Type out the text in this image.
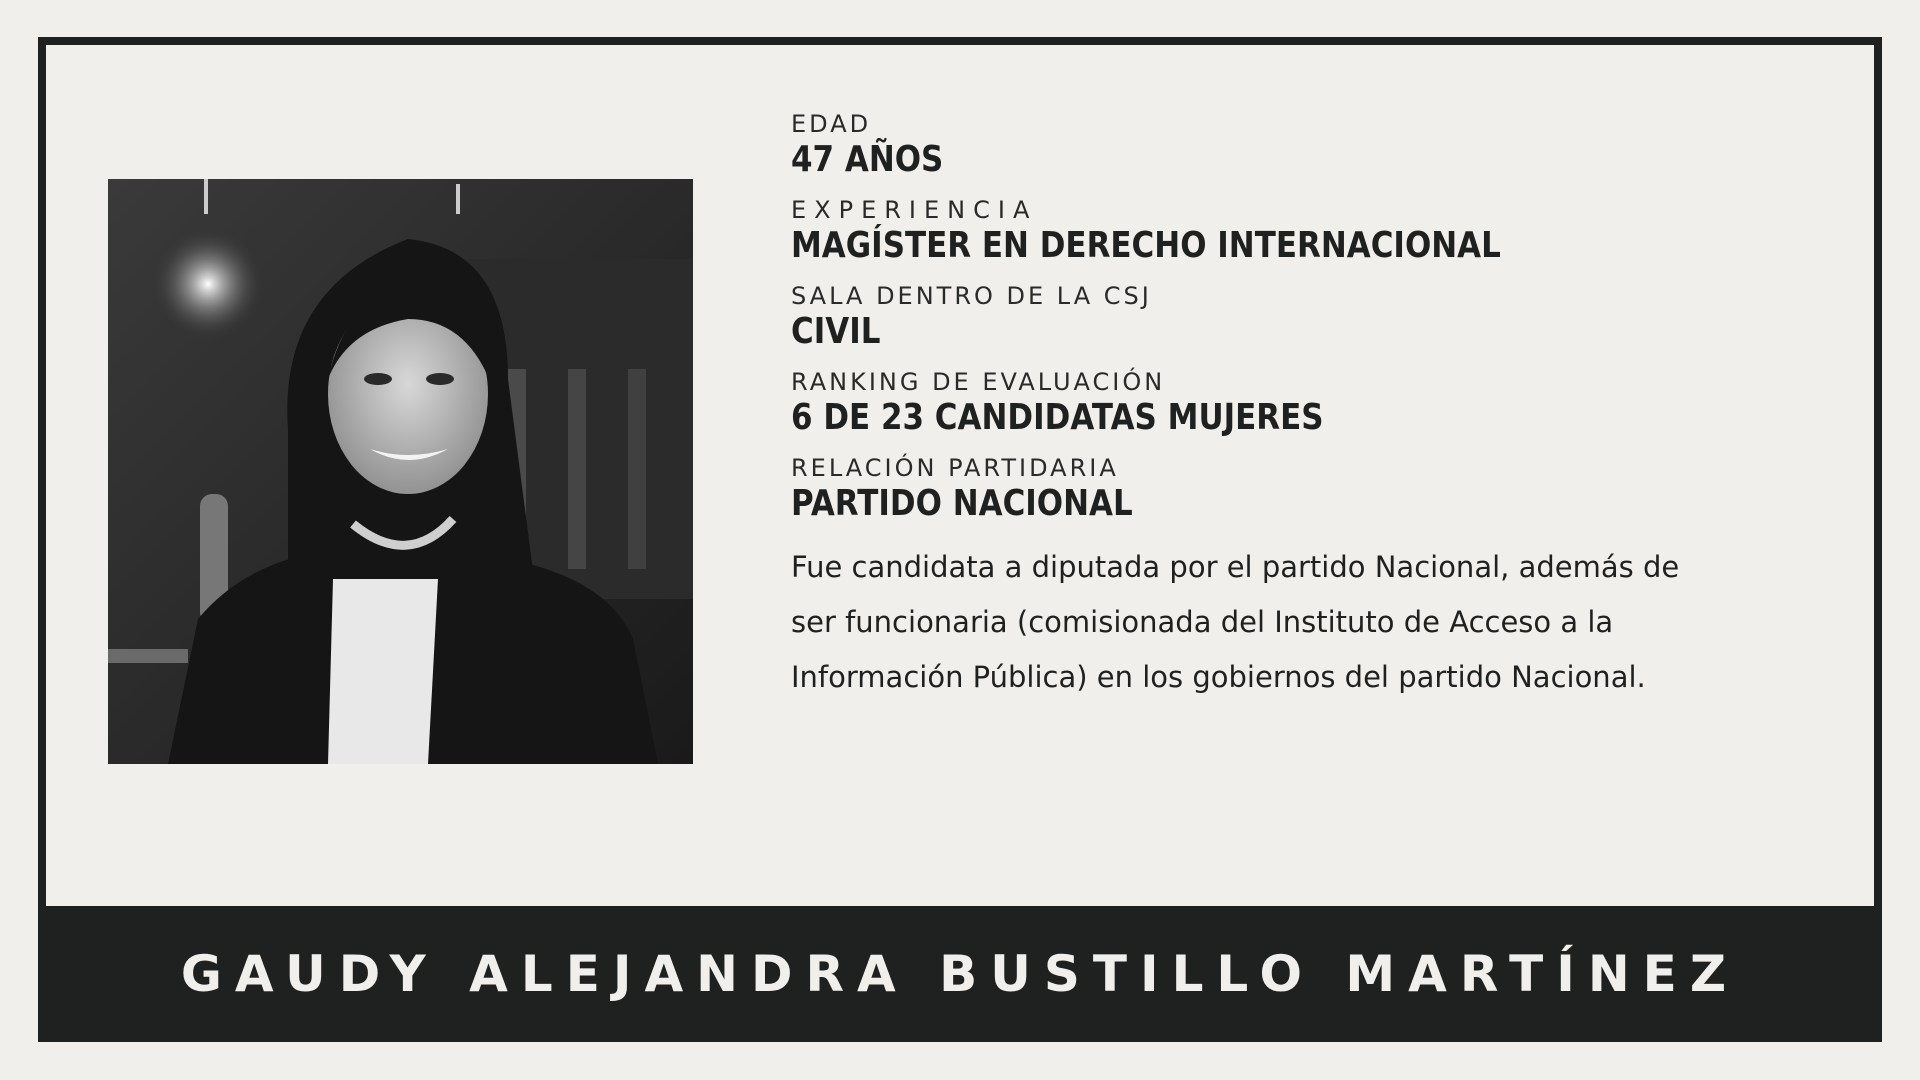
EDAD
47 AÑOS
EXPERIENCIA
MAGÍSTER EN DERECHO INTERNACIONAL
SALA DENTRO DE LA CSJ
CIVIL
RANKING DE EVALUACIÓN
6 DE 23 CANDIDATAS MUJERES
RELACIÓN PARTIDARIA
PARTIDO NACIONAL
Fue candidata a diputada por el partido Nacional, además de ser funcionaria (comisionada del Instituto de Acceso a la Información Pública) en los gobiernos del partido Nacional.
GAUDY ALEJANDRA BUSTILLO MARTÍNEZ
